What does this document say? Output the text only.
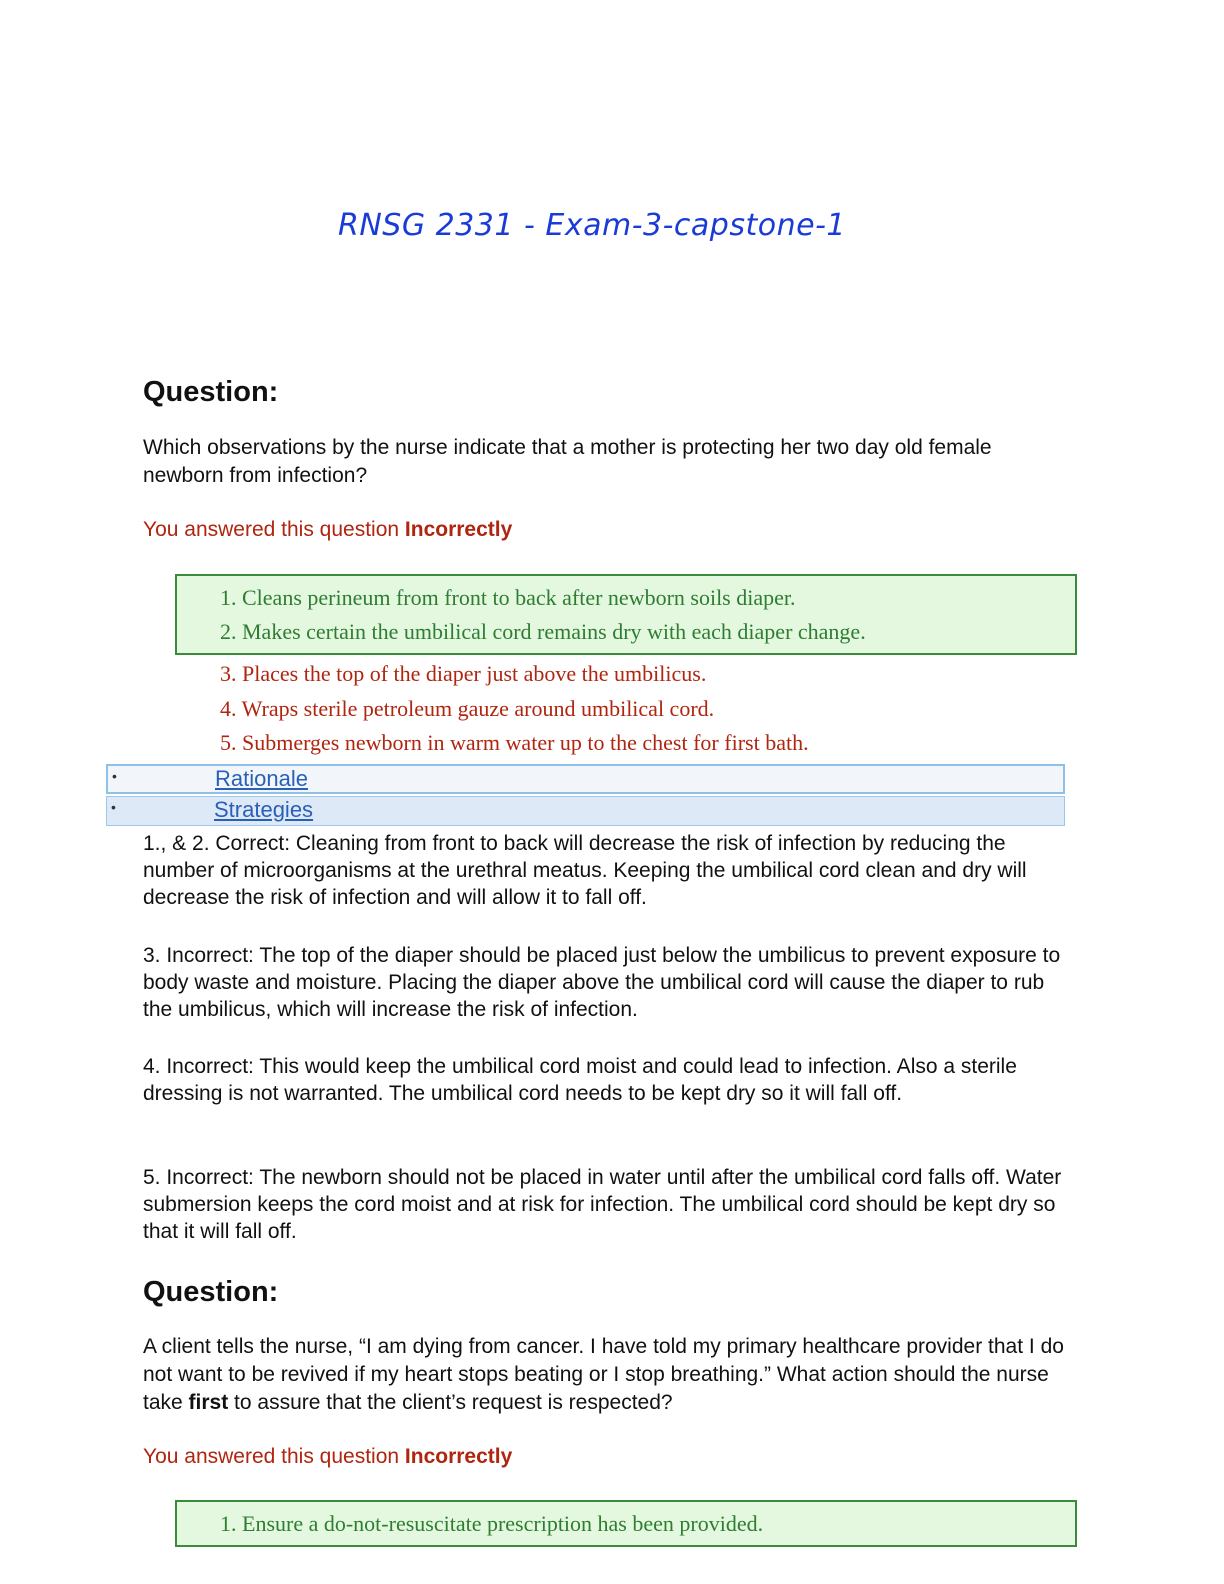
RNSG 2331 - Exam-3-capstone-1
Question:
Which observations by the nurse indicate that a mother is protecting her two day old female newborn from infection?
You answered this question Incorrectly
1. Cleans perineum from front to back after newborn soils diaper.
2. Makes certain the umbilical cord remains dry with each diaper change.
3. Places the top of the diaper just above the umbilicus.
4. Wraps sterile petroleum gauze around umbilical cord.
5. Submerges newborn in warm water up to the chest for first bath.
•	Rationale
•	Strategies
1., & 2. Correct: Cleaning from front to back will decrease the risk of infection by reducing the number of microorganisms at the urethral meatus. Keeping the umbilical cord clean and dry will decrease the risk of infection and will allow it to fall off.
3. Incorrect: The top of the diaper should be placed just below the umbilicus to prevent exposure to body waste and moisture. Placing the diaper above the umbilical cord will cause the diaper to rub the umbilicus, which will increase the risk of infection.
4. Incorrect: This would keep the umbilical cord moist and could lead to infection. Also a sterile dressing is not warranted. The umbilical cord needs to be kept dry so it will fall off.
5. Incorrect: The newborn should not be placed in water until after the umbilical cord falls off. Water submersion keeps the cord moist and at risk for infection. The umbilical cord should be kept dry so that it will fall off.
Question:
A client tells the nurse, “I am dying from cancer. I have told my primary healthcare provider that I do not want to be revived if my heart stops beating or I stop breathing.” What action should the nurse take first to assure that the client’s request is respected?
You answered this question Incorrectly
1. Ensure a do-not-resuscitate prescription has been provided.
